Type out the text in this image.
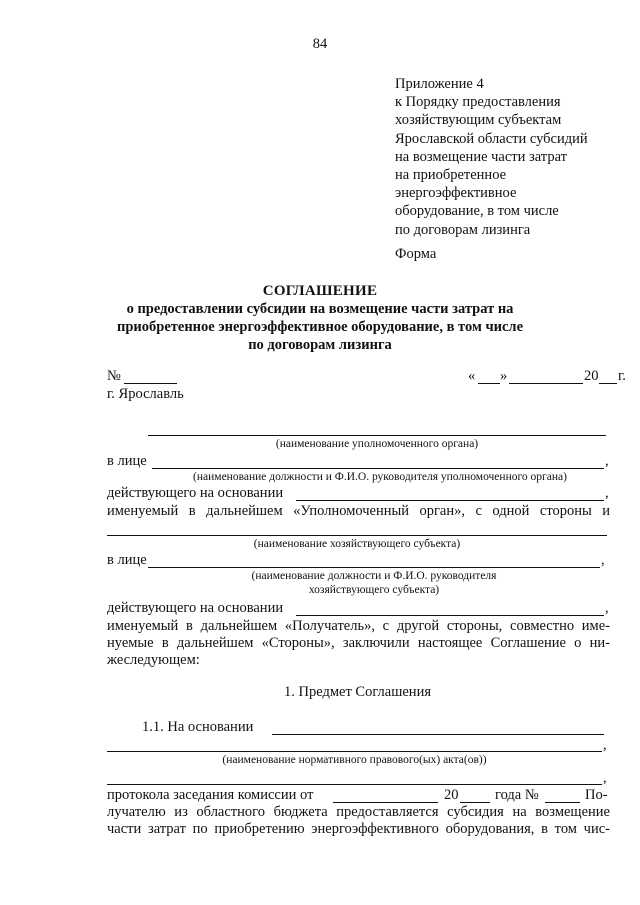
84
Приложение 4
к Порядку предоставления
хозяйствующим субъектам
Ярославской области субсидий
на возмещение части затрат
на приобретенное
энергоэффективное
оборудование, в том числе
по договорам лизинга
Форма
СОГЛАШЕНИЕ
о предоставлении субсидии на возмещение части затрат на
приобретенное энергоэффективное оборудование, в том числе
по договорам лизинга
№	« »	20 г.
г. Ярославль
(наименование уполномоченного органа)
в лице	,
(наименование должности и Ф.И.О. руководителя уполномоченного органа)
действующего на основании	,
именуемый в дальнейшем «Уполномоченный орган», с одной стороны и
(наименование хозяйствующего субъекта)
в лице	,
(наименование должности и Ф.И.О. руководителя
хозяйствующего субъекта)
действующего на основании	,
именуемый в дальнейшем «Получатель», с другой стороны, совместно име-
нуемые в дальнейшем «Стороны», заключили настоящее Соглашение о ни-
жеследующем:
1. Предмет Соглашения
1.1. На основании
,
(наименование нормативного правового(ых) акта(ов))
,
протокола заседания комиссии от	20	года №	По-
лучателю из областного бюджета предоставляется субсидия на возмещение
части затрат по приобретению энергоэффективного оборудования, в том чис-
